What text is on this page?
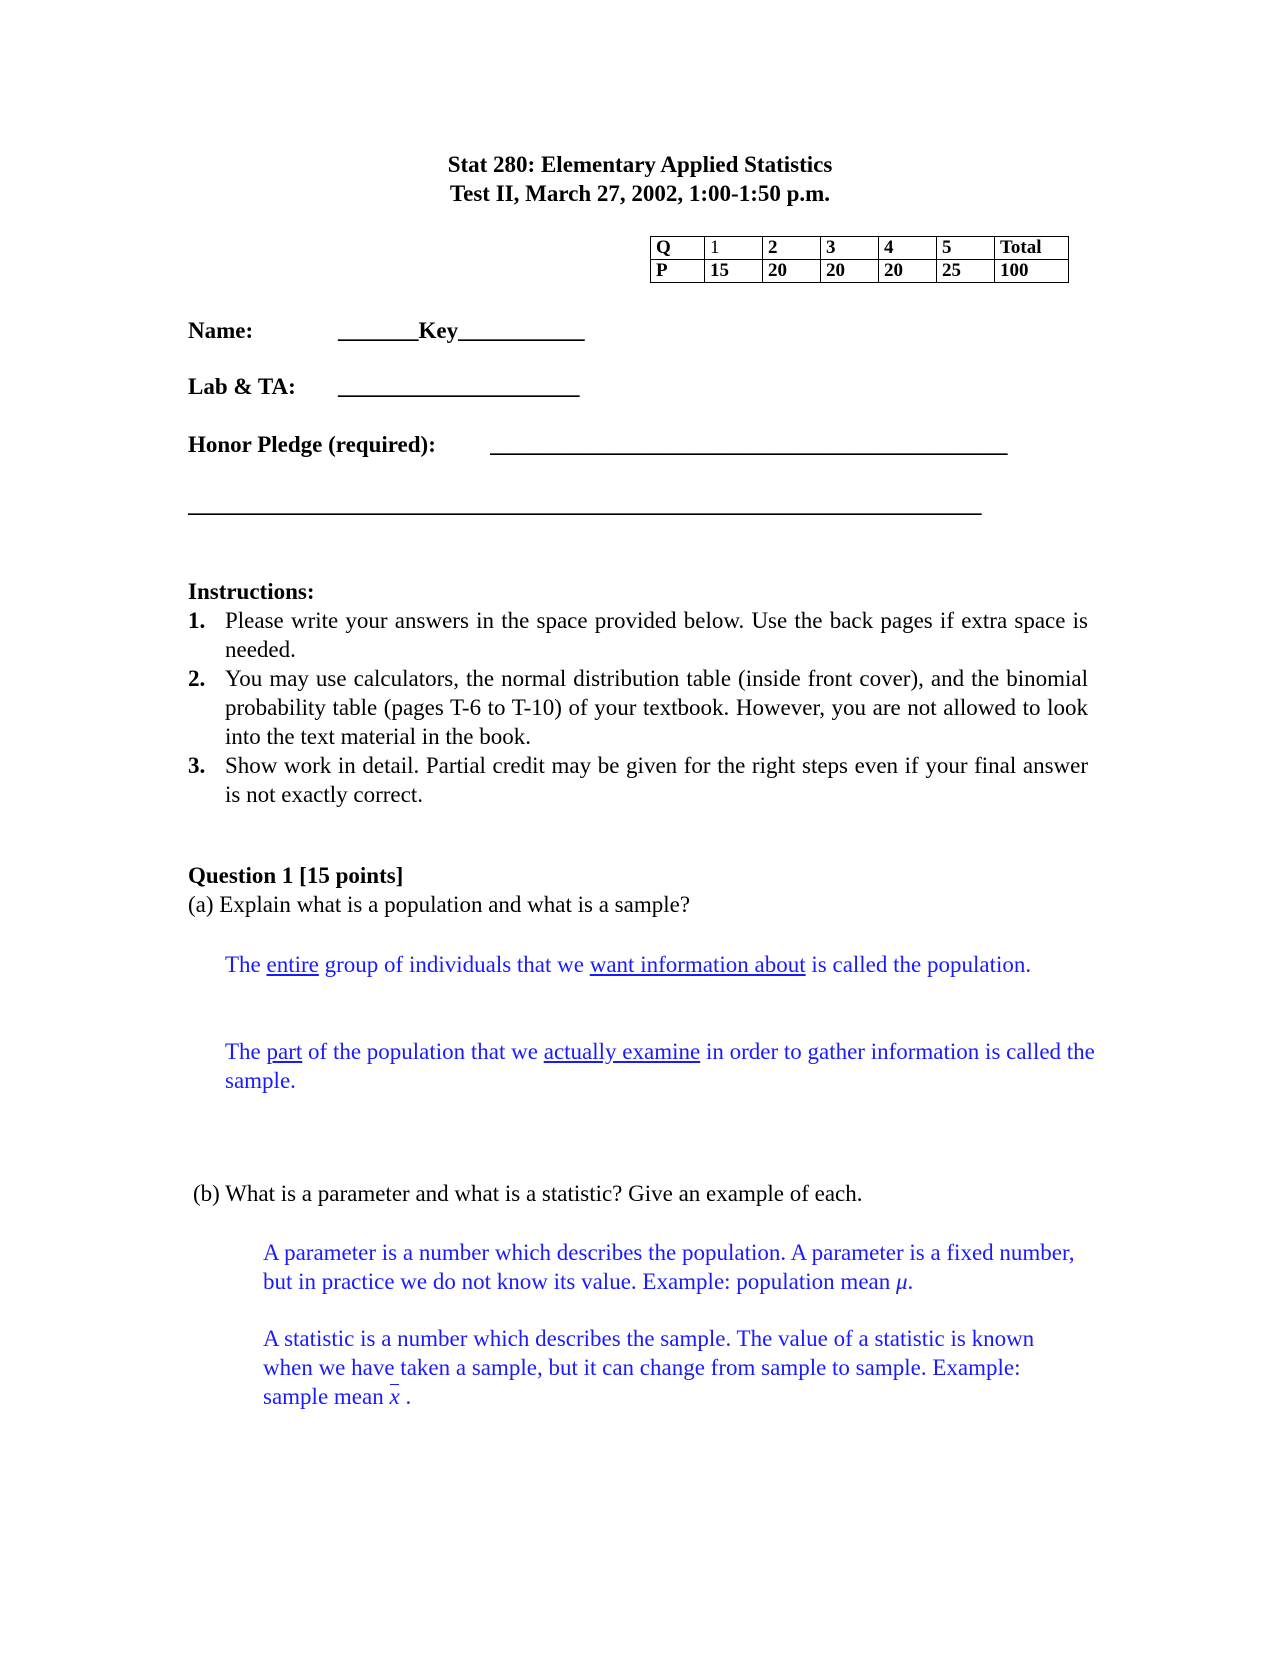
Stat 280: Elementary Applied Statistics
Test II, March 27, 2002, 1:00-1:50 p.m.
Q	1	2	3	4	5	Total
P	15	20	20	20	25	100
Name:	_______Key___________
Lab & TA: _____________________
Honor Pledge (required): _____________________________________________
_____________________________________________________________________
Instructions:
1. Please write your answers in the space provided below. Use the back pages if extra space is needed.
2. You may use calculators, the normal distribution table (inside front cover), and the binomial probability table (pages T-6 to T-10) of your textbook. However, you are not allowed to look into the text material in the book.
3. Show work in detail. Partial credit may be given for the right steps even if your final answer is not exactly correct.
Question 1 [15 points]
(a) Explain what is a population and what is a sample?
The entire group of individuals that we want information about is called the population.
The part of the population that we actually examine in order to gather information is called the sample.
(b) What is a parameter and what is a statistic? Give an example of each.
A parameter is a number which describes the population. A parameter is a fixed number, but in practice we do not know its value. Example: population mean μ.
A statistic is a number which describes the sample. The value of a statistic is known when we have taken a sample, but it can change from sample to sample. Example: sample mean x .
